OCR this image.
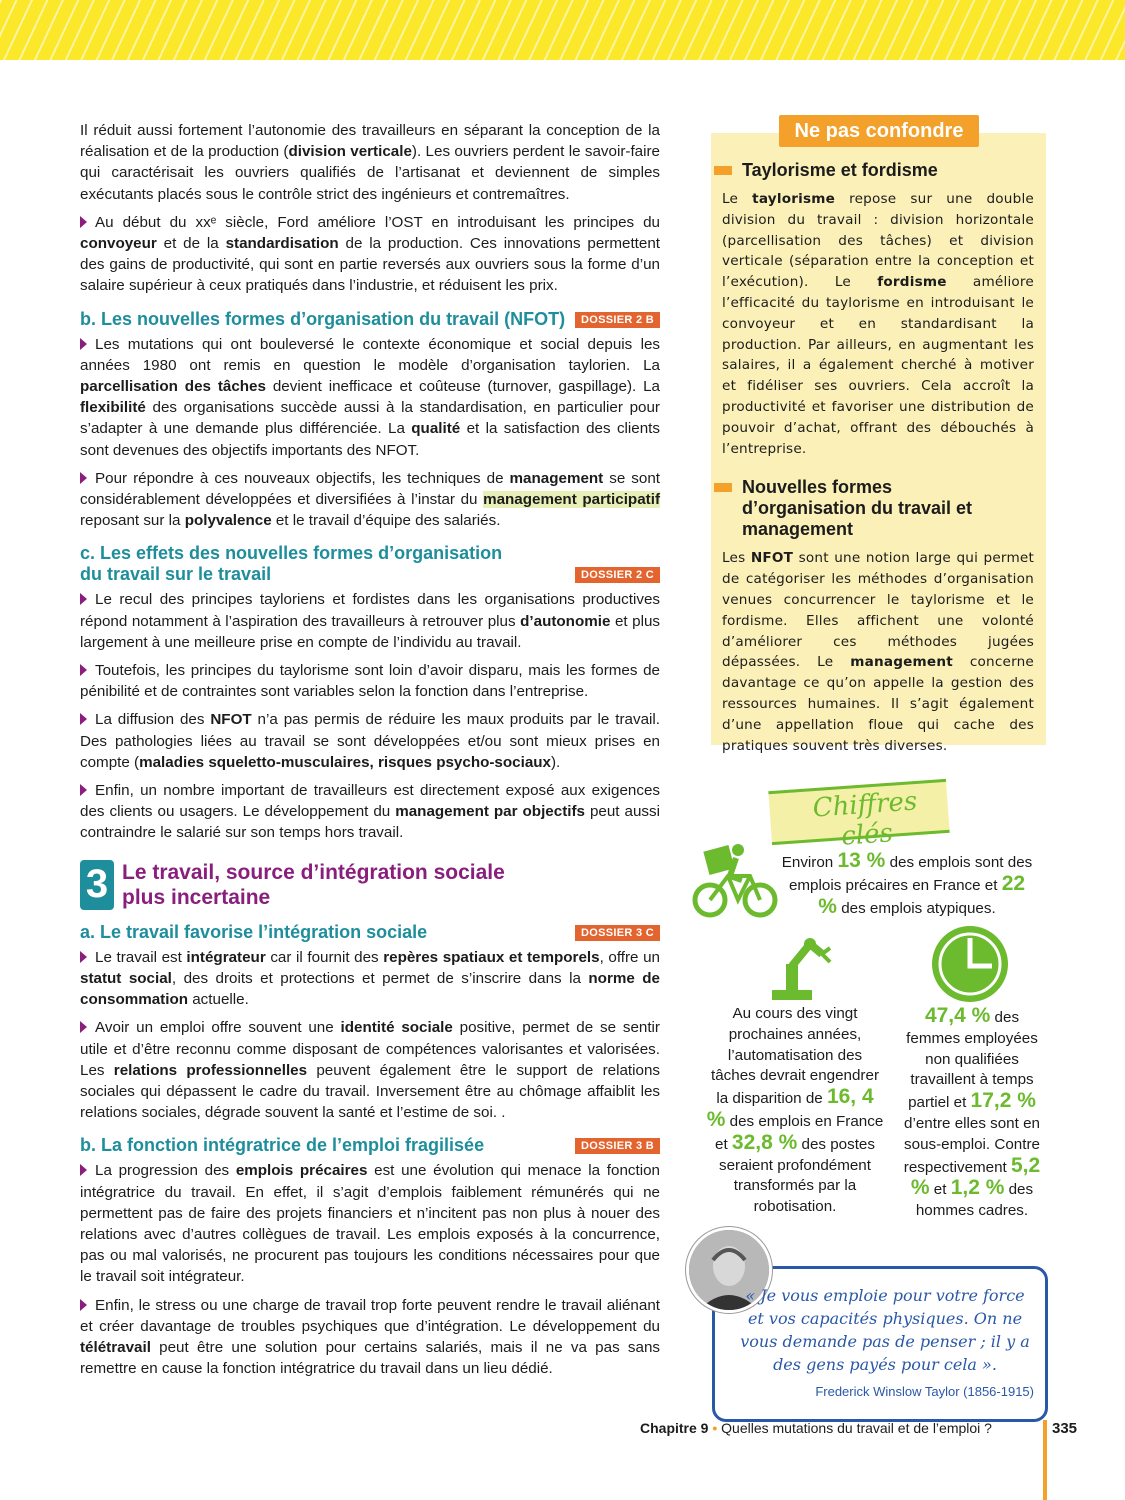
Il réduit aussi fortement l’autonomie des travailleurs en séparant la conception de la réalisation et de la production (division verticale). Les ouvriers perdent le savoir-faire qui caractérisait les ouvriers qualifiés de l’artisanat et deviennent de simples exécutants placés sous le contrôle strict des ingénieurs et contremaîtres.

Au début du xxᵉ siècle, Ford améliore l’OST en introduisant les principes du convoyeur et de la standardisation de la production. Ces innovations permettent des gains de productivité, qui sont en partie reversés aux ouvriers sous la forme d’un salaire supérieur à ceux pratiqués dans l’industrie, et réduisent les prix.

b. Les nouvelles formes d’organisation du travail (NFOT)	DOSSIER 2 B

Les mutations qui ont bouleversé le contexte économique et social depuis les années 1980 ont remis en question le modèle d’organisation taylorien. La parcellisation des tâches devient inefficace et coûteuse (turnover, gaspillage). La flexibilité des organisations succède aussi à la standardisation, en particulier pour s’adapter à une demande plus différenciée. La qualité et la satisfaction des clients sont devenues des objectifs importants des NFOT.

Pour répondre à ces nouveaux objectifs, les techniques de management se sont considérablement développées et diversifiées à l’instar du management participatif reposant sur la polyvalence et le travail d’équipe des salariés.

c. Les effets des nouvelles formes d’organisation du travail sur le travail	DOSSIER 2 C

Le recul des principes tayloriens et fordistes dans les organisations productives répond notamment à l’aspiration des travailleurs à retrouver plus d’autonomie et plus largement à une meilleure prise en compte de l’individu au travail.

Toutefois, les principes du taylorisme sont loin d’avoir disparu, mais les formes de pénibilité et de contraintes sont variables selon la fonction dans l’entreprise.

La diffusion des NFOT n’a pas permis de réduire les maux produits par le travail. Des pathologies liées au travail se sont développées et/ou sont mieux prises en compte (maladies squeletto-musculaires, risques psycho-sociaux).

Enfin, un nombre important de travailleurs est directement exposé aux exigences des clients ou usagers. Le développement du management par objectifs peut aussi contraindre le salarié sur son temps hors travail.

3 Le travail, source d’intégration sociale plus incertaine
a. Le travail favorise l’intégration sociale	DOSSIER 3 C

Le travail est intégrateur car il fournit des repères spatiaux et temporels, offre un statut social, des droits et protections et permet de s’inscrire dans la norme de consommation actuelle.

Avoir un emploi offre souvent une identité sociale positive, permet de se sentir utile et d’être reconnu comme disposant de compétences valorisantes et valorisées. Les relations professionnelles peuvent également être le support de relations sociales qui dépassent le cadre du travail. Inversement être au chômage affaiblit les relations sociales, dégrade souvent la santé et l’estime de soi. .

b. La fonction intégratrice de l’emploi fragilisée	DOSSIER 3 B

La progression des emplois précaires est une évolution qui menace la fonction intégratrice du travail. En effet, il s’agit d’emplois faiblement rémunérés qui ne permettent pas de faire des projets financiers et n’incitent pas non plus à nouer des relations avec d’autres collègues de travail. Les emplois exposés à la concurrence, pas ou mal valorisés, ne procurent pas toujours les conditions nécessaires pour que le travail soit intégrateur.

Enfin, le stress ou une charge de travail trop forte peuvent rendre le travail aliénant et créer davantage de troubles psychiques que d’intégration. Le développement du télétravail peut être une solution pour certains salariés, mais il ne va pas sans remettre en cause la fonction intégratrice du travail dans un lieu dédié.

Ne pas confondre
Taylorisme et fordisme

Le taylorisme repose sur une double division du travail : division horizontale (parcellisation des tâches) et division verticale (séparation entre la conception et l’exécution). Le fordisme améliore l’efficacité du taylorisme en introduisant le convoyeur et en standardisant la production. Par ailleurs, en augmentant les salaires, il a également cherché à motiver et fidéliser ses ouvriers. Cela accroît la productivité et favoriser une distribution de pouvoir d’achat, offrant des débouchés à l’entreprise.

Nouvelles formes d’organisation du travail et management

Les NFOT sont une notion large qui permet de catégoriser les méthodes d’organisation venues concurrencer le taylorisme et le fordisme. Elles affichent une volonté d’améliorer ces méthodes jugées dépassées. Le management concerne davantage ce qu’on appelle la gestion des ressources humaines. Il s’agit également d’une appellation floue qui cache des pratiques souvent très diverses.

Chiffres clés
Environ 13 % des emplois sont des emplois précaires en France et 22 % des emplois atypiques.
Au cours des vingt prochaines années, l’automatisation des tâches devrait engendrer la disparition de 16, 4 % des emplois en France et 32,8 % des postes seraient profondément transformés par la robotisation.
47,4 % des femmes employées non qualifiées travaillent à temps partiel et 17,2 % d’entre elles sont en sous-emploi. Contre respectivement 5,2 % et 1,2 % des hommes cadres.
« Je vous emploie pour votre force et vos capacités physiques. On ne vous demande pas de penser ; il y a des gens payés pour cela ».
Frederick Winslow Taylor (1856-1915)
Chapitre 9 • Quelles mutations du travail et de l’emploi ?	335
